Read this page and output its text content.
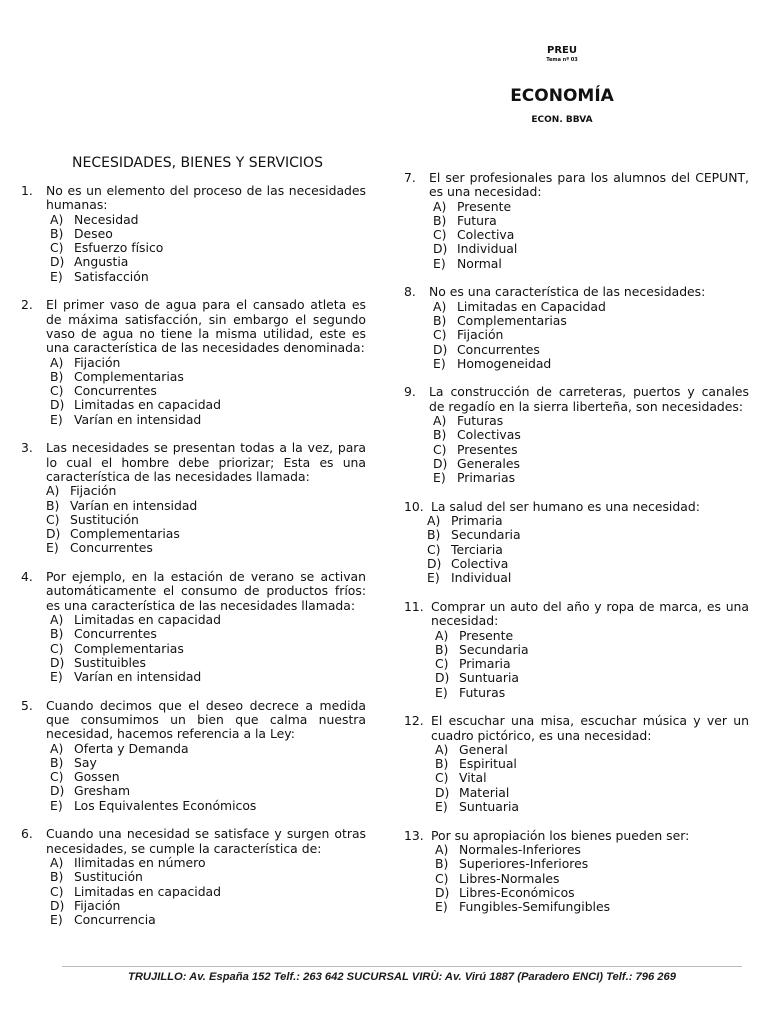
PREU
Tema nº 03
ECONOMÍA
ECON. BBVA
NECESIDADES, BIENES Y SERVICIOS
1. No es un elemento del proceso de las necesidades humanas:
A) Necesidad
B) Deseo
C) Esfuerzo físico
D) Angustia
E) Satisfacción
2. El primer vaso de agua para el cansado atleta es de máxima satisfacción, sin embargo el segundo vaso de agua no tiene la misma utilidad, este es una característica de las necesidades denominada:
A) Fijación
B) Complementarias
C) Concurrentes
D) Limitadas en capacidad
E) Varían en intensidad
3. Las necesidades se presentan todas a la vez, para lo cual el hombre debe priorizar; Esta es una característica de las necesidades llamada:
A) Fijación
B) Varían en intensidad
C) Sustitución
D) Complementarias
E) Concurrentes
4. Por ejemplo, en la estación de verano se activan automáticamente el consumo de productos fríos: es una característica de las necesidades llamada:
A) Limitadas en capacidad
B) Concurrentes
C) Complementarias
D) Sustituibles
E) Varían en intensidad
5. Cuando decimos que el deseo decrece a medida que consumimos un bien que calma nuestra necesidad, hacemos referencia a la Ley:
A) Oferta y Demanda
B) Say
C) Gossen
D) Gresham
E) Los Equivalentes Económicos
6. Cuando una necesidad se satisface y surgen otras necesidades, se cumple la característica de:
A) Ilimitadas en número
B) Sustitución
C) Limitadas en capacidad
D) Fijación
E) Concurrencia
7. El ser profesionales para los alumnos del CEPUNT, es una necesidad:
A) Presente
B) Futura
C) Colectiva
D) Individual
E) Normal
8. No es una característica de las necesidades:
A) Limitadas en Capacidad
B) Complementarias
C) Fijación
D) Concurrentes
E) Homogeneidad
9. La construcción de carreteras, puertos y canales de regadío en la sierra liberteña, son necesidades:
A) Futuras
B) Colectivas
C) Presentes
D) Generales
E) Primarias
10. La salud del ser humano es una necesidad:
A) Primaria
B) Secundaria
C) Terciaria
D) Colectiva
E) Individual
11. Comprar un auto del año y ropa de marca, es una necesidad:
A) Presente
B) Secundaria
C) Primaria
D) Suntuaria
E) Futuras
12. El escuchar una misa, escuchar música y ver un cuadro pictórico, es una necesidad:
A) General
B) Espiritual
C) Vital
D) Material
E) Suntuaria
13. Por su apropiación los bienes pueden ser:
A) Normales-Inferiores
B) Superiores-Inferiores
C) Libres-Normales
D) Libres-Económicos
E) Fungibles-Semifungibles
TRUJILLO: Av. España 152 Telf.: 263 642 SUCURSAL VIRÙ: Av. Virú 1887 (Paradero ENCI) Telf.: 796 269
